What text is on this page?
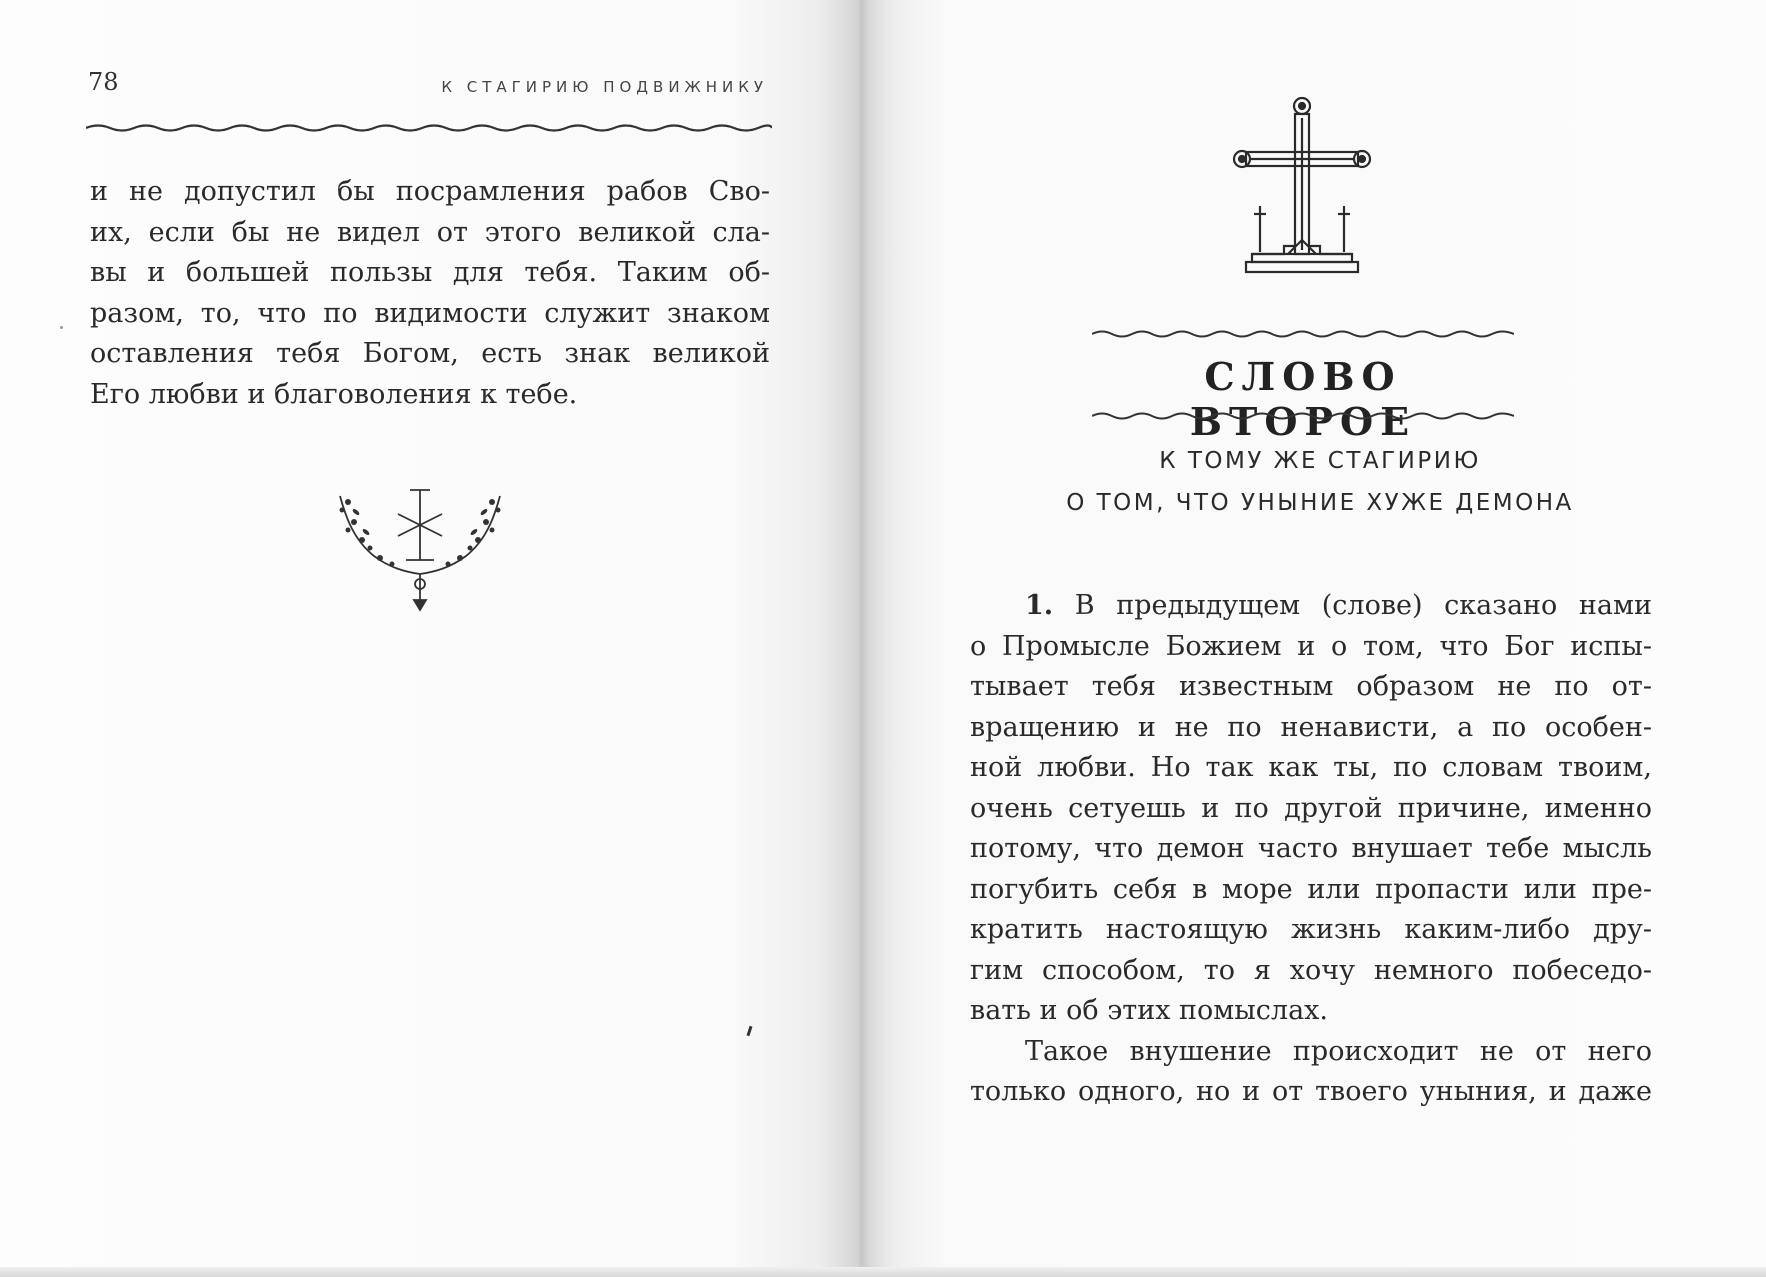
78	К СТАГИРИЮ ПОДВИЖНИКУ

и не допустил бы посрамления рабов Сво-
их, если бы не видел от этого великой сла-
вы и большей пользы для тебя. Таким об-
разом, то, что по видимости служит знаком
оставления тебя Богом, есть знак великой
Его любви и благоволения к тебе.	СЛОВО ВТОРОЕ
К ТОМУ ЖЕ СТАГИРИЮ
О ТОМ, ЧТО УНЫНИЕ ХУЖЕ ДЕМОНА

1. В предыдущем (слове) сказано нами
о Промысле Божием и о том, что Бог испы-
тывает тебя известным образом не по от-
вращению и не по ненависти, а по особен-
ной любви. Но так как ты, по словам твоим,
очень сетуешь и по другой причине, именно
потому, что демон часто внушает тебе мысль
погубить себя в море или пропасти или пре-
кратить настоящую жизнь каким-либо дру-
гим способом, то я хочу немного побеседо-
вать и об этих помыслах.
Такое внушение происходит не от него
только одного, но и от твоего уныния, и даже
